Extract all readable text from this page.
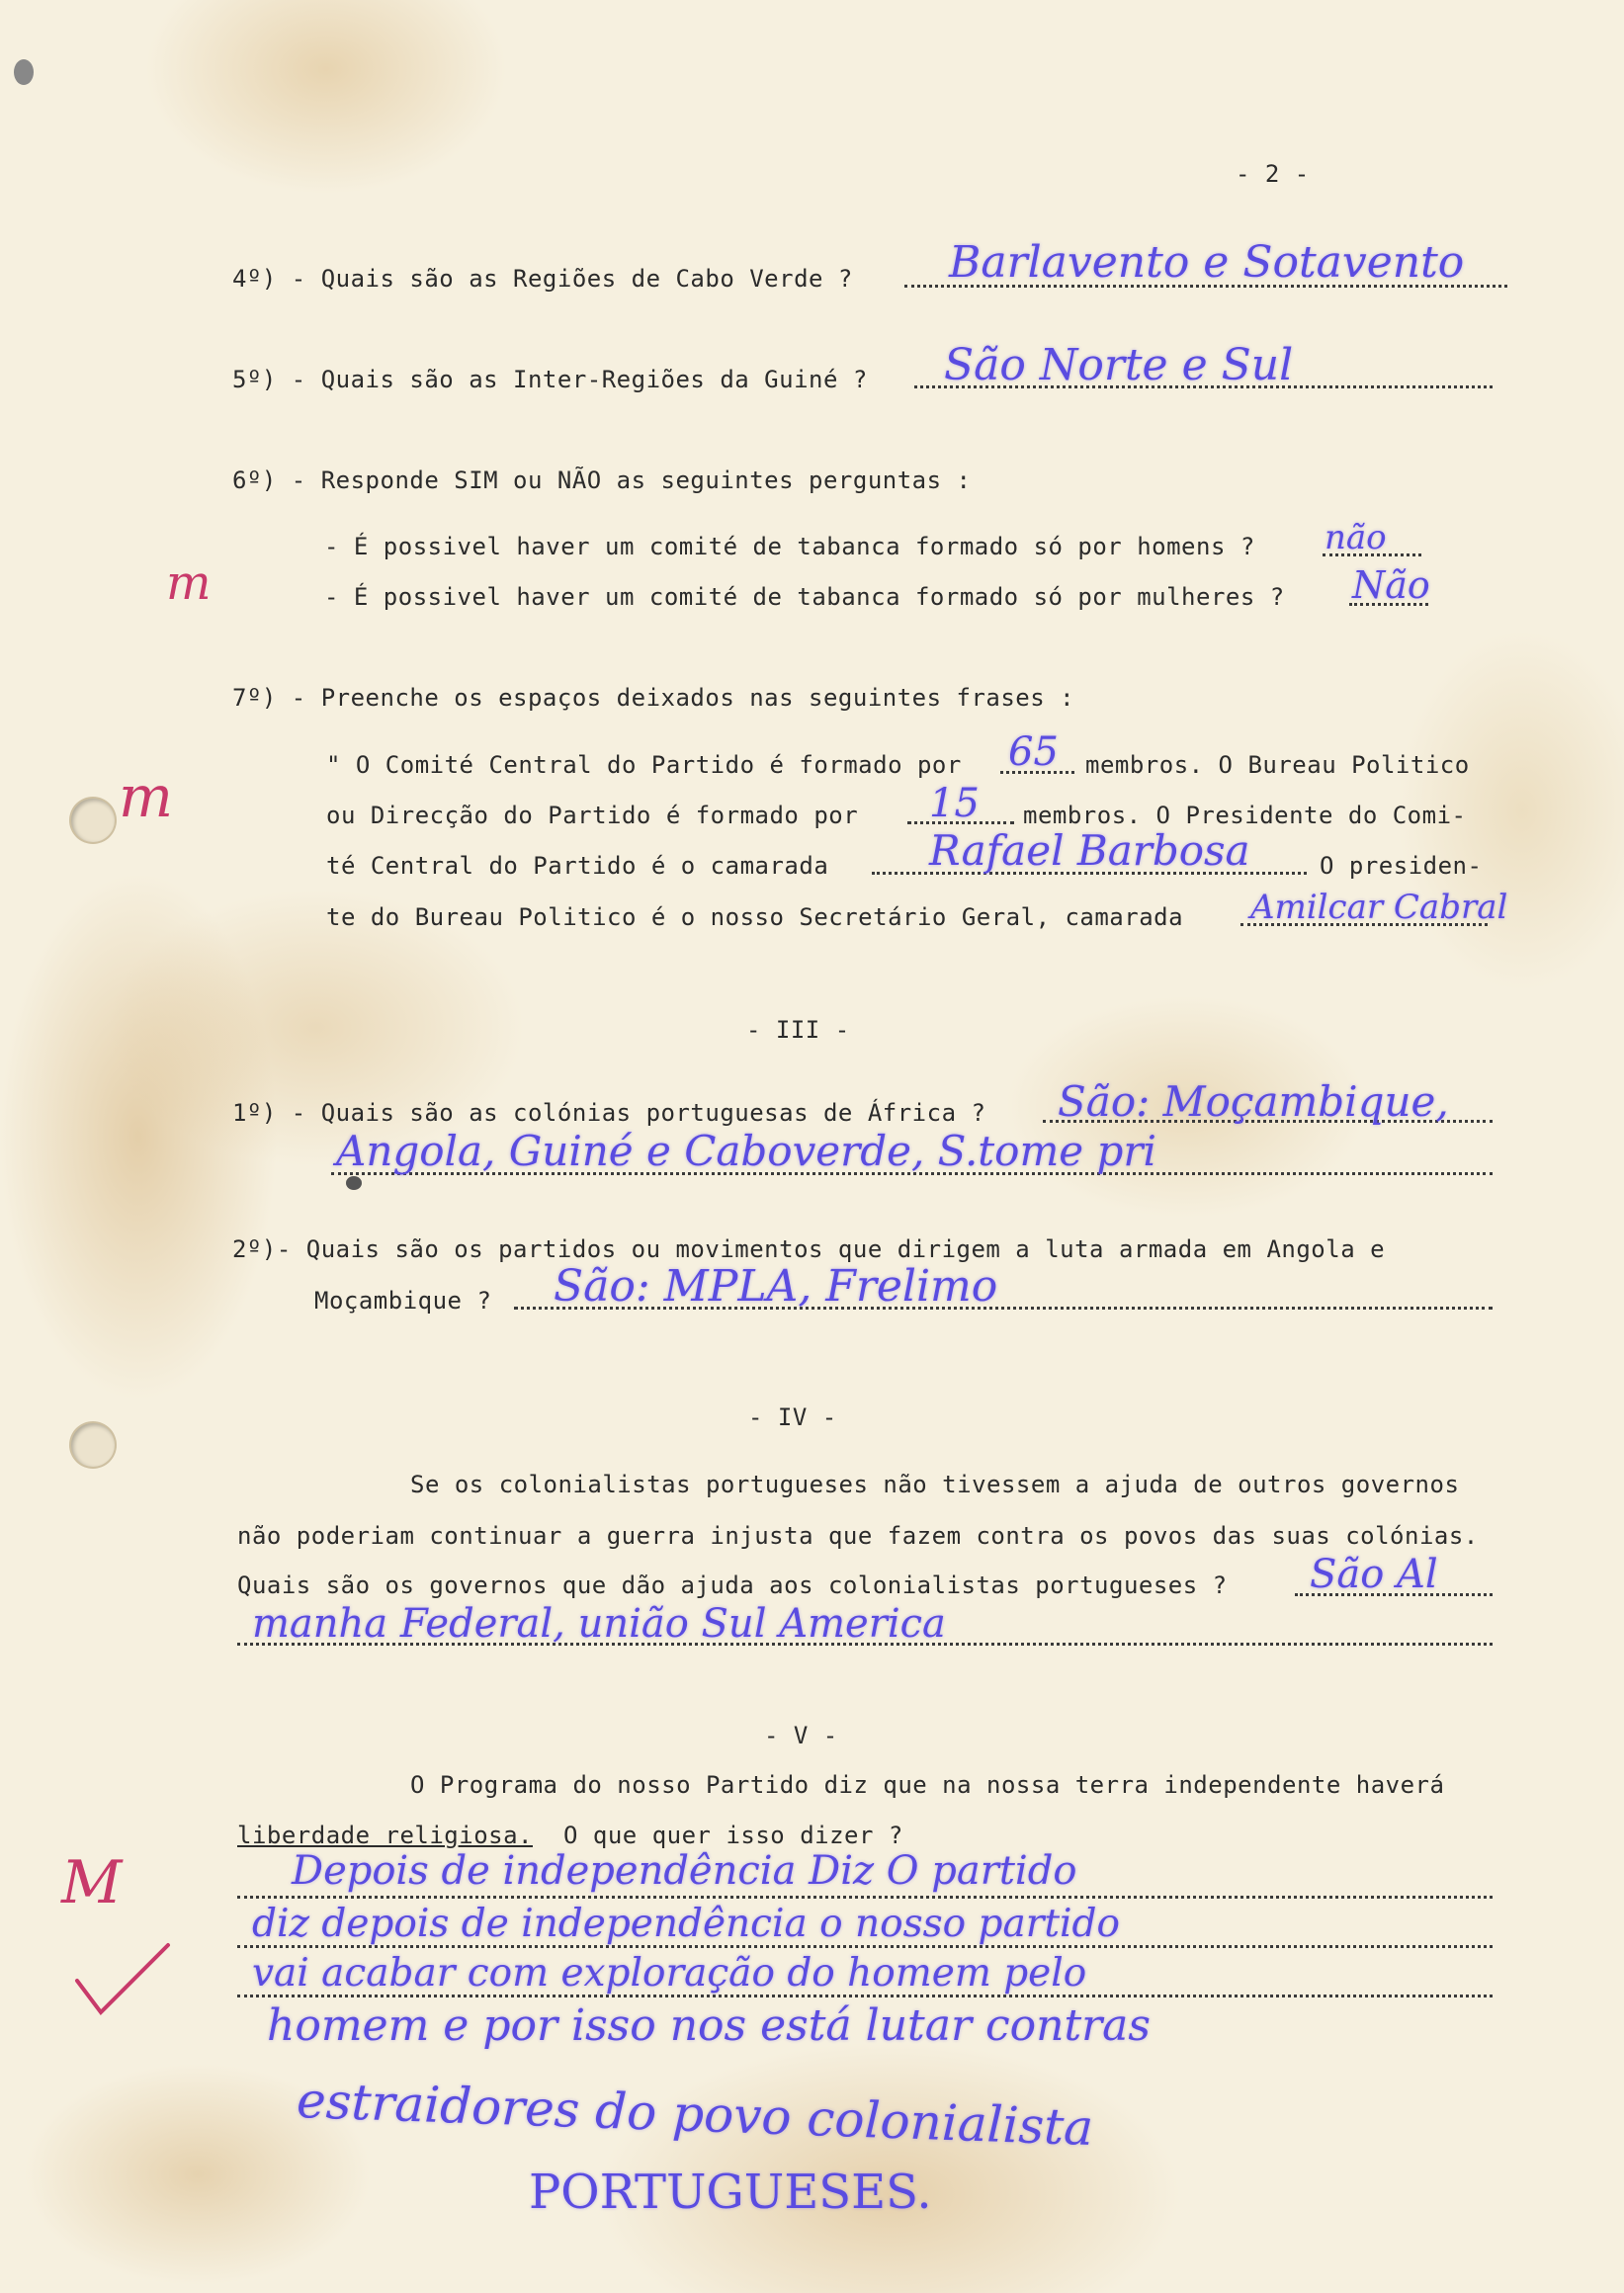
- 2 -
4º) - Quais são as Regiões de Cabo Verde ? Barlavento e Sotavento
5º) - Quais são as Inter-Regiões da Guiné ? São Norte e Sul
6º) - Responde SIM ou NÃO as seguintes perguntas :
- É possivel haver um comité de tabanca formado só por homens ? não
- É possivel haver um comité de tabanca formado só por mulheres ? Não
m
7º) - Preenche os espaços deixados nas seguintes frases :
" O Comité Central do Partido é formado por 65 membros. O Bureau Politico
ou Direcção do Partido é formado por 15 membros. O Presidente do Comi-
té Central do Partido é o camarada Rafael Barbosa	O presiden-
te do Bureau Politico é o nosso Secretário Geral, camarada Amilcar Cabral
m
- III -
1º) - Quais são as colónias portuguesas de África ? São: Moçambique,
Angola, Guiné e Caboverde, S.tome pri
2º)- Quais são os partidos ou movimentos que dirigem a luta armada em Angola e
Moçambique ? São: MPLA, Frelimo
- IV -
Se os colonialistas portugueses não tivessem a ajuda de outros governos
não poderiam continuar a guerra injusta que fazem contra os povos das suas colónias.
Quais são os governos que dão ajuda aos colonialistas portugueses ? São Al
manha Federal, união Sul America
- V -
O Programa do nosso Partido diz que na nossa terra independente haverá
liberdade religiosa. O que quer isso dizer ?
Depois de independência Diz O partido
diz depois de independência o nosso partido
vai acabar com exploração do homem pelo
homem e por isso nos está lutar contras
estraidores do povo colonialista
PORTUGUESES.
M
